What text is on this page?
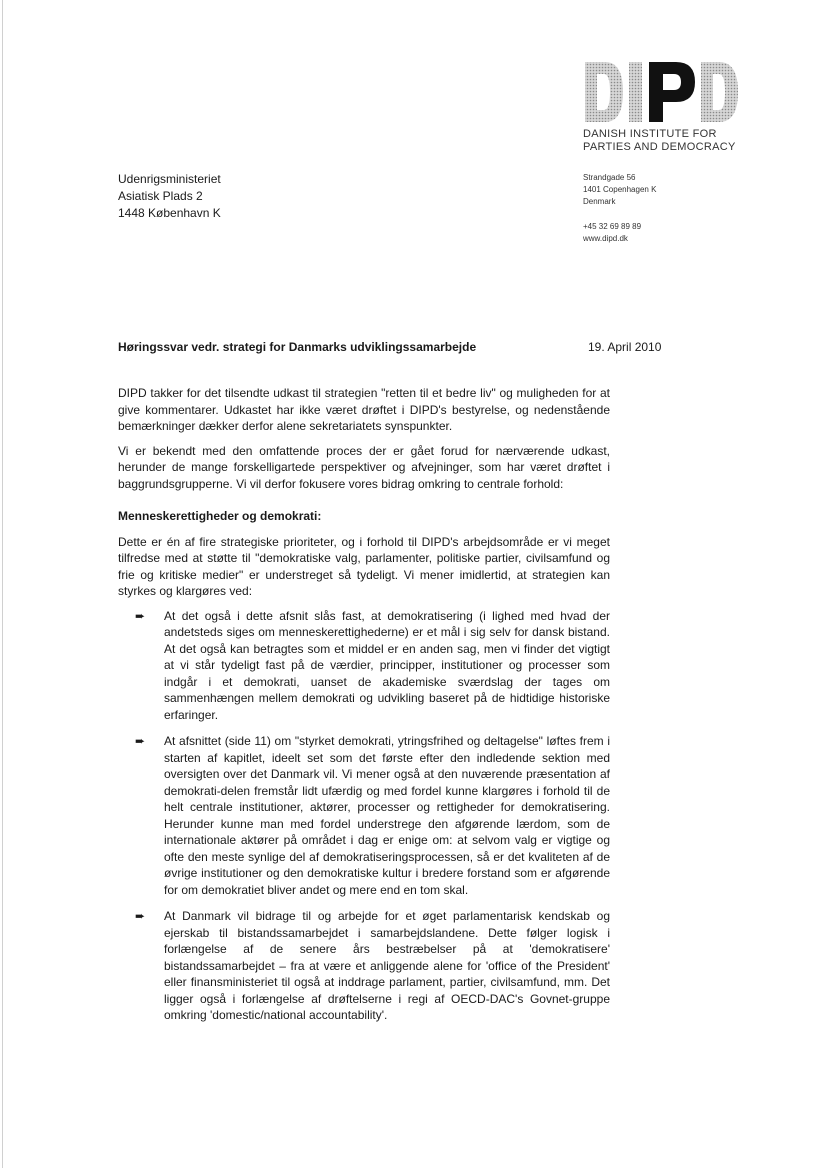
DANISH INSTITUTE FOR
PARTIES AND DEMOCRACY
Strandgade 56
1401 Copenhagen K
Denmark
+45 32 69 89 89
www.dipd.dk
Udenrigsministeriet
Asiatisk Plads 2
1448 København K
Høringssvar vedr. strategi for Danmarks udviklingssamarbejde	19. April 2010

DIPD takker for det tilsendte udkast til strategien "retten til et bedre liv" og muligheden for at give kommentarer. Udkastet har ikke været drøftet i DIPD's bestyrelse, og nedenstående bemærkninger dækker derfor alene sekretariatets synspunkter.

Vi er bekendt med den omfattende proces der er gået forud for nærværende udkast, herunder de mange forskelligartede perspektiver og afvejninger, som har været drøftet i baggrundsgrupperne. Vi vil derfor fokusere vores bidrag omkring to centrale forhold:

Menneskerettigheder og demokrati:

Dette er én af fire strategiske prioriteter, og i forhold til DIPD's arbejdsområde er vi meget tilfredse med at støtte til "demokratiske valg, parlamenter, politiske partier, civilsamfund og frie og kritiske medier" er understreget så tydeligt. Vi mener imidlertid, at strategien kan styrkes og klargøres ved:

➨ At det også i dette afsnit slås fast, at demokratisering (i lighed med hvad der andetsteds siges om menneskerettighederne) er et mål i sig selv for dansk bistand. At det også kan betragtes som et middel er en anden sag, men vi finder det vigtigt at vi står tydeligt fast på de værdier, principper, institutioner og processer som indgår i et demokrati, uanset de akademiske sværdslag der tages om sammenhængen mellem demokrati og udvikling baseret på de hidtidige historiske erfaringer.
➨ At afsnittet (side 11) om "styrket demokrati, ytringsfrihed og deltagelse" løftes frem i starten af kapitlet, ideelt set som det første efter den indledende sektion med oversigten over det Danmark vil. Vi mener også at den nuværende præsentation af demokrati-delen fremstår lidt ufærdig og med fordel kunne klargøres i forhold til de helt centrale institutioner, aktører, processer og rettigheder for demokratisering. Herunder kunne man med fordel understrege den afgørende lærdom, som de internationale aktører på området i dag er enige om: at selvom valg er vigtige og ofte den meste synlige del af demokratiseringsprocessen, så er det kvaliteten af de øvrige institutioner og den demokratiske kultur i bredere forstand som er afgørende for om demokratiet bliver andet og mere end en tom skal.
➨ At Danmark vil bidrage til og arbejde for et øget parlamentarisk kendskab og ejerskab til bistandssamarbejdet i samarbejdslandene. Dette følger logisk i forlængelse af de senere års bestræbelser på at 'demokratisere' bistandssamarbejdet – fra at være et anliggende alene for 'office of the President' eller finansministeriet til også at inddrage parlament, partier, civilsamfund, mm. Det ligger også i forlængelse af drøftelserne i regi af OECD-DAC's Govnet-gruppe omkring 'domestic/national accountability'.
